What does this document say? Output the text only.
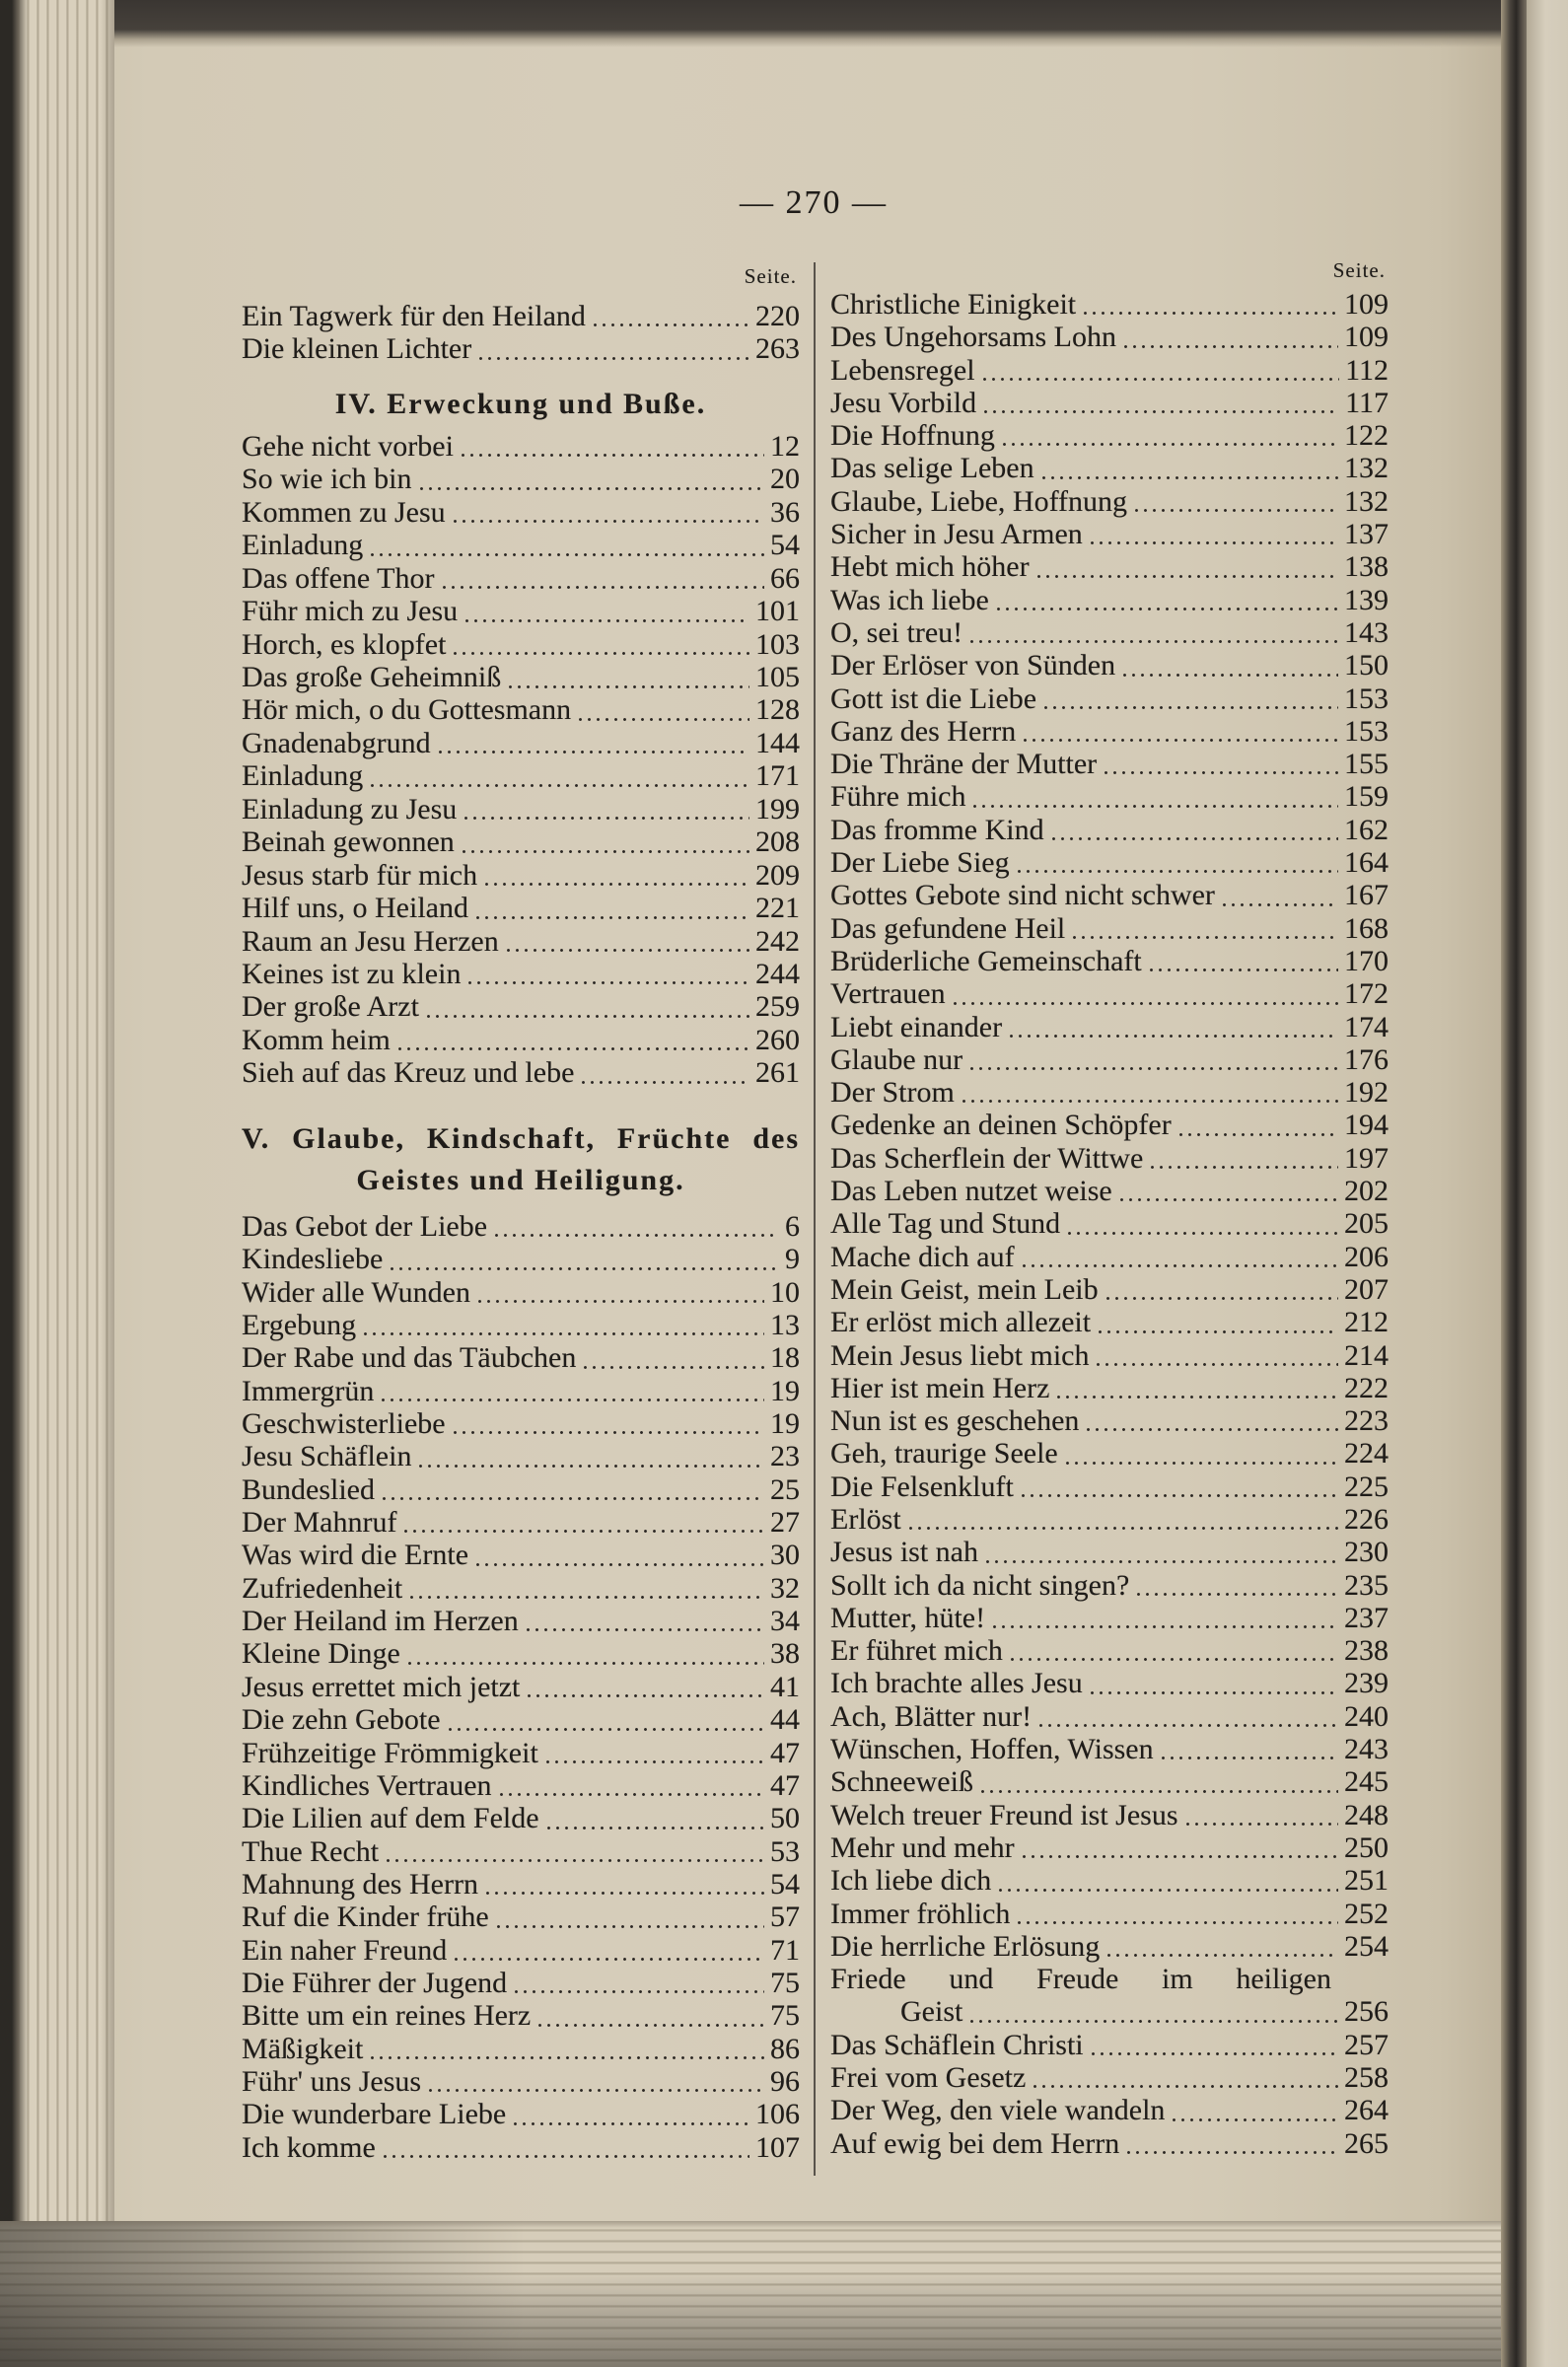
— 270 —
Seite.	Seite.
Ein Tagwerk für den Heiland	220
Die kleinen Lichter	263
IV. Erweckung und Buße.
Gehe nicht vorbei	12
So wie ich bin	20
Kommen zu Jesu	36
Einladung	54
Das offene Thor	66
Führ mich zu Jesu	101
Horch, es klopfet	103
Das große Geheimniß	105
Hör mich, o du Gottesmann	128
Gnadenabgrund	144
Einladung	171
Einladung zu Jesu	199
Beinah gewonnen	208
Jesus starb für mich	209
Hilf uns, o Heiland	221
Raum an Jesu Herzen	242
Keines ist zu klein	244
Der große Arzt	259
Komm heim	260
Sieh auf das Kreuz und lebe	261
V. Glaube, Kindschaft, Früchte des
Geistes und Heiligung.
Das Gebot der Liebe	6
Kindesliebe	9
Wider alle Wunden	10
Ergebung	13
Der Rabe und das Täubchen	18
Immergrün	19
Geschwisterliebe	19
Jesu Schäflein	23
Bundeslied	25
Der Mahnruf	27
Was wird die Ernte	30
Zufriedenheit	32
Der Heiland im Herzen	34
Kleine Dinge	38
Jesus errettet mich jetzt	41
Die zehn Gebote	44
Frühzeitige Frömmigkeit	47
Kindliches Vertrauen	47
Die Lilien auf dem Felde	50
Thue Recht	53
Mahnung des Herrn	54
Ruf die Kinder frühe	57
Ein naher Freund	71
Die Führer der Jugend	75
Bitte um ein reines Herz	75
Mäßigkeit	86
Führ' uns Jesus	96
Die wunderbare Liebe	106
Ich komme	107
Christliche Einigkeit	109
Des Ungehorsams Lohn	109
Lebensregel	112
Jesu Vorbild	117
Die Hoffnung	122
Das selige Leben	132
Glaube, Liebe, Hoffnung	132
Sicher in Jesu Armen	137
Hebt mich höher	138
Was ich liebe	139
O, sei treu!	143
Der Erlöser von Sünden	150
Gott ist die Liebe	153
Ganz des Herrn	153
Die Thräne der Mutter	155
Führe mich	159
Das fromme Kind	162
Der Liebe Sieg	164
Gottes Gebote sind nicht schwer	167
Das gefundene Heil	168
Brüderliche Gemeinschaft	170
Vertrauen	172
Liebt einander	174
Glaube nur	176
Der Strom	192
Gedenke an deinen Schöpfer	194
Das Scherflein der Wittwe	197
Das Leben nutzet weise	202
Alle Tag und Stund	205
Mache dich auf	206
Mein Geist, mein Leib	207
Er erlöst mich allezeit	212
Mein Jesus liebt mich	214
Hier ist mein Herz	222
Nun ist es geschehen	223
Geh, traurige Seele	224
Die Felsenkluft	225
Erlöst	226
Jesus ist nah	230
Sollt ich da nicht singen?	235
Mutter, hüte!	237
Er führet mich	238
Ich brachte alles Jesu	239
Ach, Blätter nur!	240
Wünschen, Hoffen, Wissen	243
Schneeweiß	245
Welch treuer Freund ist Jesus	248
Mehr und mehr	250
Ich liebe dich	251
Immer fröhlich	252
Die herrliche Erlösung	254
Friede und Freude im heiligen
Geist	256
Das Schäflein Christi	257
Frei vom Gesetz	258
Der Weg, den viele wandeln	264
Auf ewig bei dem Herrn	265
